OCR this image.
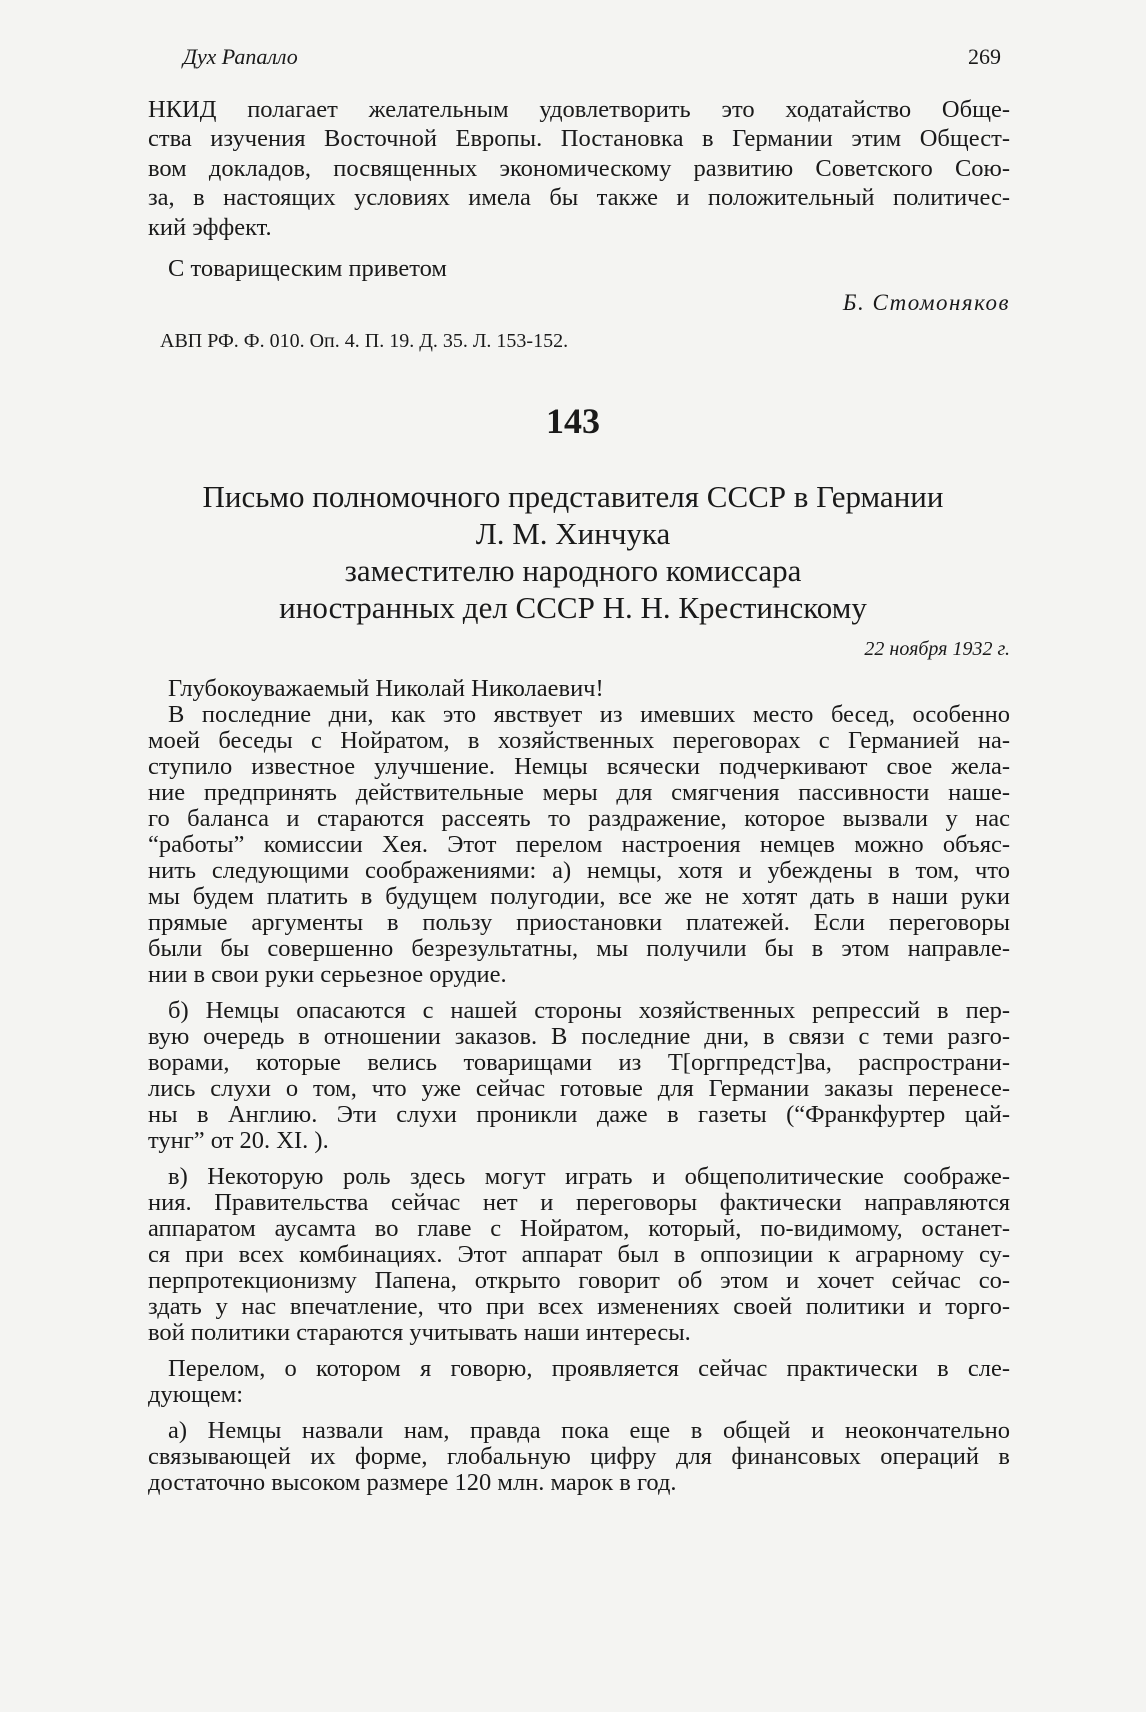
Дух Рапалло	269
НКИД полагает желательным удовлетворить это ходатайство Обще-
ства изучения Восточной Европы. Постановка в Германии этим Общест-
вом докладов, посвященных экономическому развитию Советского Сою-
за, в настоящих условиях имела бы также и положительный политичес-
кий эффект.
С товарищеским приветом
Б. Стомоняков
АВП РФ. Ф. 010. Оп. 4. П. 19. Д. 35. Л. 153-152.
143
Письмо полномочного представителя СССР в Германии
Л. М. Хинчука
заместителю народного комиссара
иностранных дел СССР Н. Н. Крестинскому
22 ноября 1932 г.
Глубокоуважаемый Николай Николаевич!
В последние дни, как это явствует из имевших место бесед, особенно
моей беседы с Нойратом, в хозяйственных переговорах с Германией на-
ступило известное улучшение. Немцы всячески подчеркивают свое жела-
ние предпринять действительные меры для смягчения пассивности наше-
го баланса и стараются рассеять то раздражение, которое вызвали у нас
“работы” комиссии Хея. Этот перелом настроения немцев можно объяс-
нить следующими соображениями: а) немцы, хотя и убеждены в том, что
мы будем платить в будущем полугодии, все же не хотят дать в наши руки
прямые аргументы в пользу приостановки платежей. Если переговоры
были бы совершенно безрезультатны, мы получили бы в этом направле-
нии в свои руки серьезное орудие.
б) Немцы опасаются с нашей стороны хозяйственных репрессий в пер-
вую очередь в отношении заказов. В последние дни, в связи с теми разго-
ворами, которые велись товарищами из Т[оргпредст]ва, распространи-
лись слухи о том, что уже сейчас готовые для Германии заказы перенесе-
ны в Англию. Эти слухи проникли даже в газеты (“Франкфуртер цай-
тунг” от 20. XI. ).
в) Некоторую роль здесь могут играть и общеполитические соображе-
ния. Правительства сейчас нет и переговоры фактически направляются
аппаратом аусамта во главе с Нойратом, который, по-видимому, останет-
ся при всех комбинациях. Этот аппарат был в оппозиции к аграрному су-
перпротекционизму Папена, открыто говорит об этом и хочет сейчас со-
здать у нас впечатление, что при всех изменениях своей политики и торго-
вой политики стараются учитывать наши интересы.
Перелом, о котором я говорю, проявляется сейчас практически в сле-
дующем:
а) Немцы назвали нам, правда пока еще в общей и неокончательно
связывающей их форме, глобальную цифру для финансовых операций в
достаточно высоком размере 120 млн. марок в год.
